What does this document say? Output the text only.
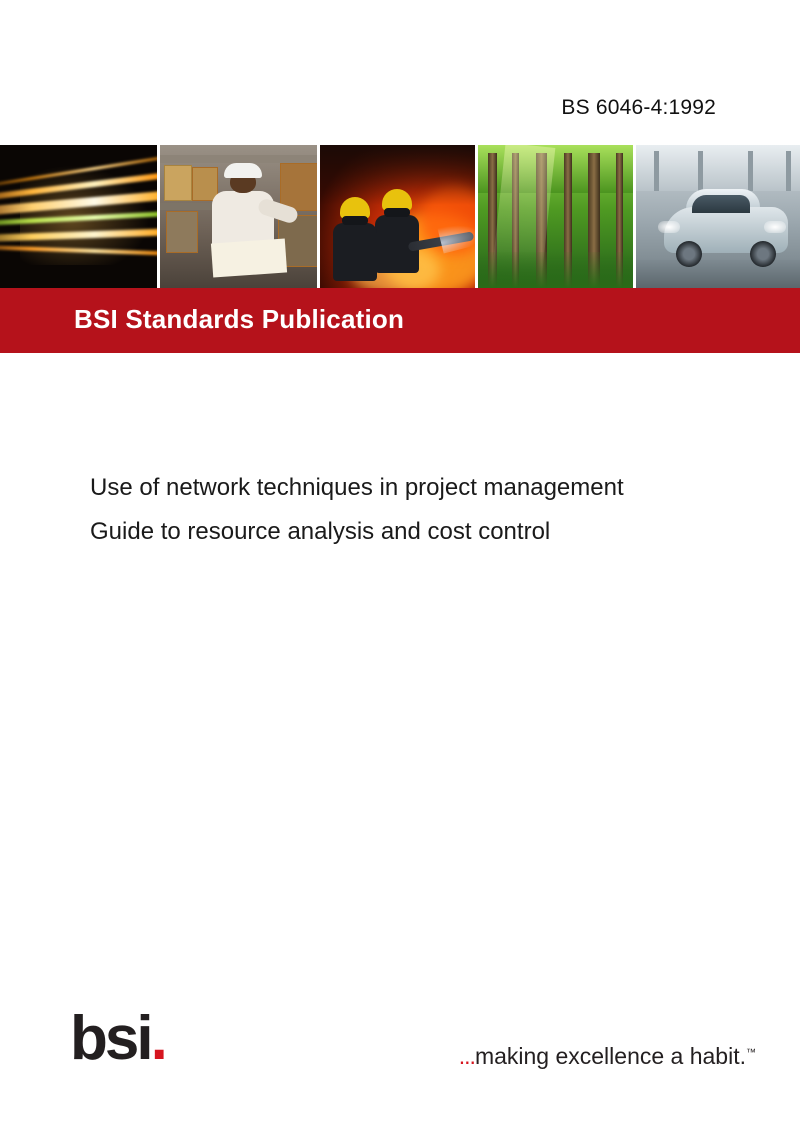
BS 6046-4:1992
BSI Standards Publication
Use of network techniques in project management
Guide to resource analysis and cost control
bsi.	...making excellence a habit.™
